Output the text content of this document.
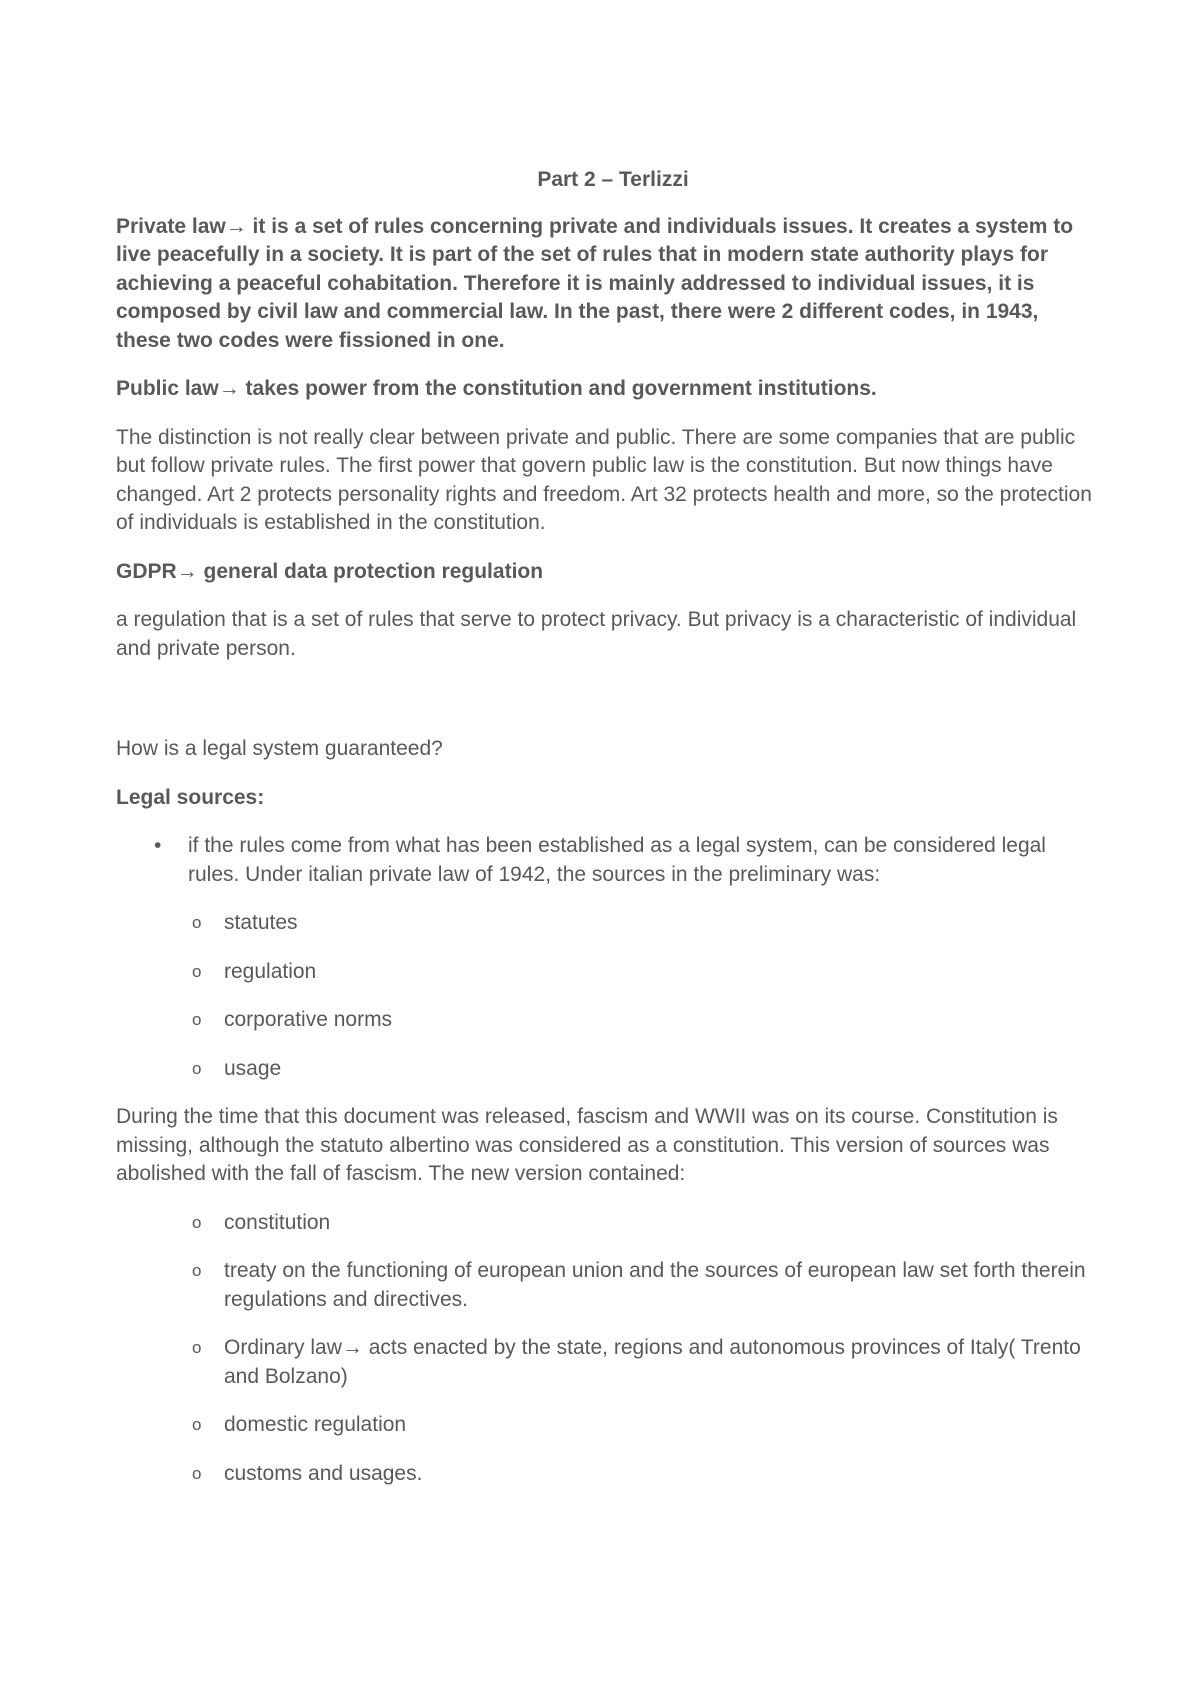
Part 2 – Terlizzi

Private law→ it is a set of rules concerning private and individuals issues. It creates a system to live peacefully in a society. It is part of the set of rules that in modern state authority plays for achieving a peaceful cohabitation. Therefore it is mainly addressed to individual issues, it is composed by civil law and commercial law. In the past, there were 2 different codes, in 1943, these two codes were fissioned in one.

Public law→ takes power from the constitution and government institutions.

The distinction is not really clear between private and public. There are some companies that are public but follow private rules. The first power that govern public law is the constitution. But now things have changed. Art 2 protects personality rights and freedom. Art 32 protects health and more, so the protection of individuals is established in the constitution.

GDPR→ general data protection regulation

a regulation that is a set of rules that serve to protect privacy. But privacy is a characteristic of individual and private person.

How is a legal system guaranteed?

Legal sources:

• if the rules come from what has been established as a legal system, can be considered legal rules. Under italian private law of 1942, the sources in the preliminary was:
o statutes
o regulation
o corporative norms
o usage

During the time that this document was released, fascism and WWII was on its course. Constitution is missing, although the statuto albertino was considered as a constitution. This version of sources was abolished with the fall of fascism. The new version contained:

o constitution
o treaty on the functioning of european union and the sources of european law set forth therein regulations and directives.
o Ordinary law→ acts enacted by the state, regions and autonomous provinces of Italy( Trento and Bolzano)
o domestic regulation
o customs and usages.
